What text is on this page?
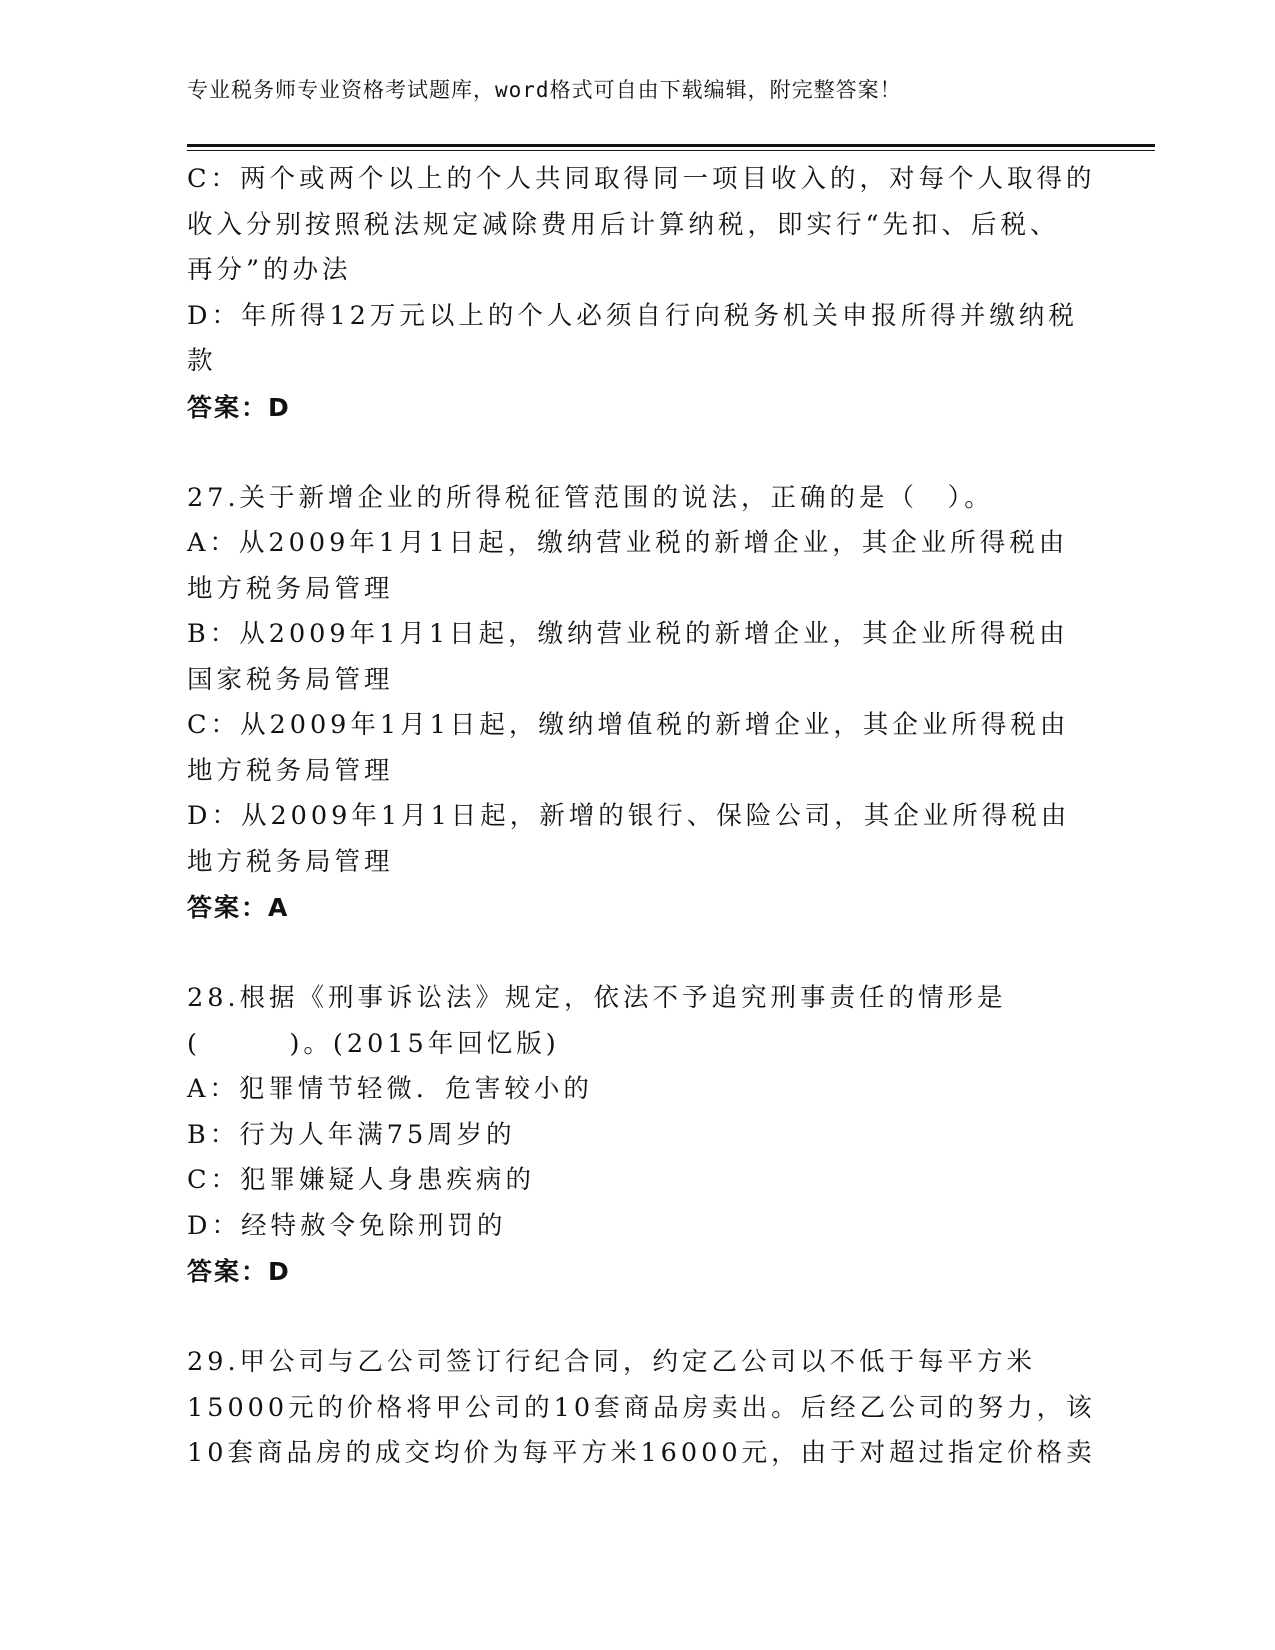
专业税务师专业资格考试题库，word格式可自由下载编辑，附完整答案！
C：两个或两个以上的个人共同取得同一项目收入的，对每个人取得的
收入分别按照税法规定减除费用后计算纳税，即实行“先扣、后税、
再分”的办法
D：年所得12万元以上的个人必须自行向税务机关申报所得并缴纳税
款
答案：D
27.关于新增企业的所得税征管范围的说法，正确的是（　）。
A：从2009年1月1日起，缴纳营业税的新增企业，其企业所得税由
地方税务局管理
B：从2009年1月1日起，缴纳营业税的新增企业，其企业所得税由
国家税务局管理
C：从2009年1月1日起，缴纳增值税的新增企业，其企业所得税由
地方税务局管理
D：从2009年1月1日起，新增的银行、保险公司，其企业所得税由
地方税务局管理
答案：A
28.根据《刑事诉讼法》规定，依法不予追究刑事责任的情形是
(　　　)。(2015年回忆版)
A：犯罪情节轻微．危害较小的
B：行为人年满75周岁的
C：犯罪嫌疑人身患疾病的
D：经特赦令免除刑罚的
答案：D
29.甲公司与乙公司签订行纪合同，约定乙公司以不低于每平方米
15000元的价格将甲公司的10套商品房卖出。后经乙公司的努力，该
10套商品房的成交均价为每平方米16000元，由于对超过指定价格卖
